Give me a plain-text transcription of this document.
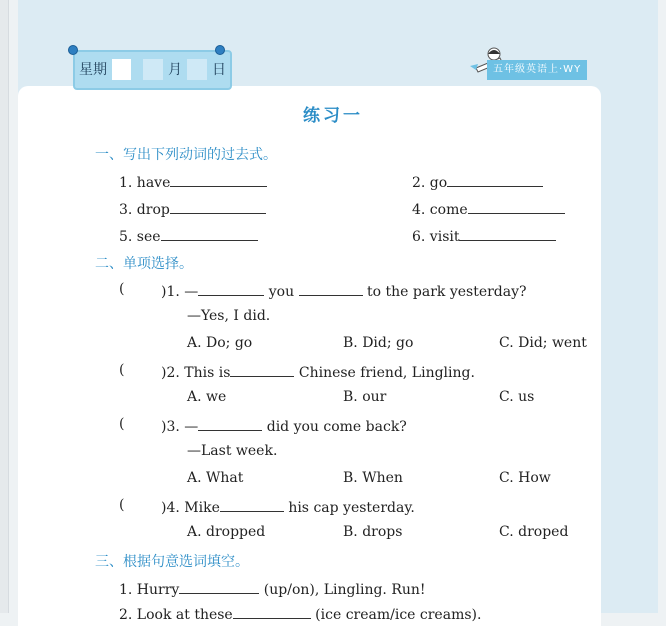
星期	月 日	五年级英语上·WY
练习一
一、写出下列动词的过去式。
1. have	2. go
3. drop	4. come
5. see	6. visit
二、单项选择。
(	)1. —	you	to the park yesterday?
—Yes, I did.
A. Do; go	B. Did; go	C. Did; went
(	)2. This is	Chinese friend, Lingling.
A. we	B. our	C. us
(	)3. —	did you come back?
—Last week.
A. What	B. When	C. How
(	)4. Mike	his cap yesterday.
A. dropped	B. drops	C. droped
三、根据句意选词填空。
1. Hurry	(up/on), Lingling. Run!
2. Look at these	(ice cream/ice creams).
